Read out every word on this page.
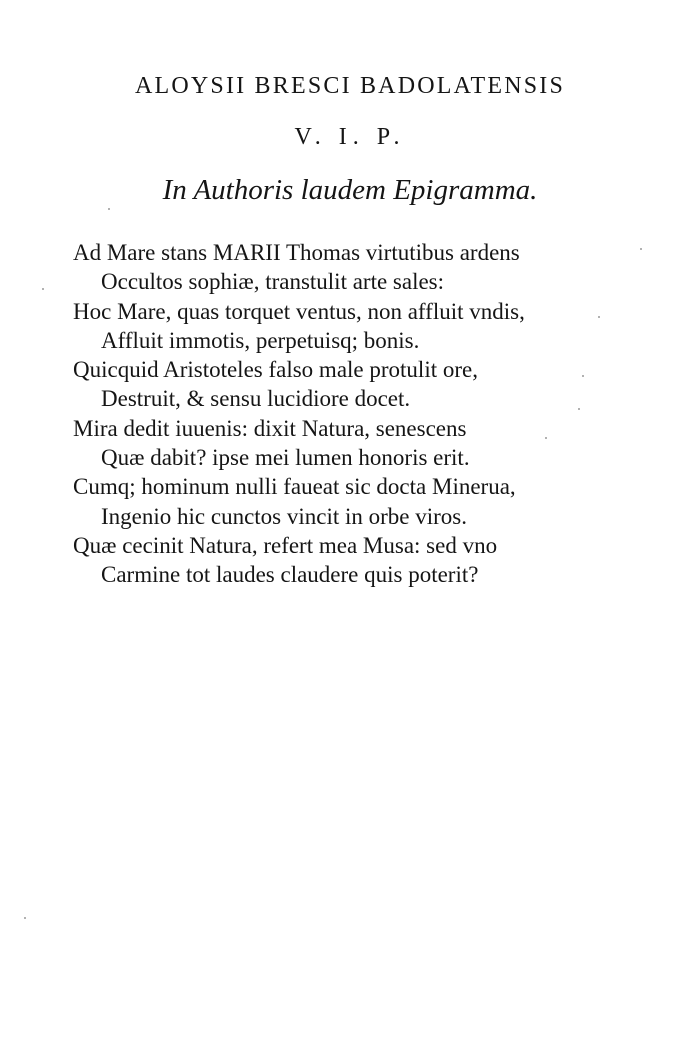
ALOYSII BRESCI BADOLATENSIS
V. I. P.
In Authoris laudem Epigramma.
Ad Mare stans MARII Thomas virtutibus ardens
Occultos sophiæ, transtulit arte sales:
Hoc Mare, quas torquet ventus, non affluit vndis,
Affluit immotis, perpetuisq; bonis.
Quicquid Aristoteles falso male protulit ore,
Destruit, & sensu lucidiore docet.
Mira dedit iuuenis: dixit Natura, senescens
Quæ dabit? ipse mei lumen honoris erit.
Cumq; hominum nulli faueat sic docta Minerua,
Ingenio hic cunctos vincit in orbe viros.
Quæ cecinit Natura, refert mea Musa: sed vno
Carmine tot laudes claudere quis poterit?
